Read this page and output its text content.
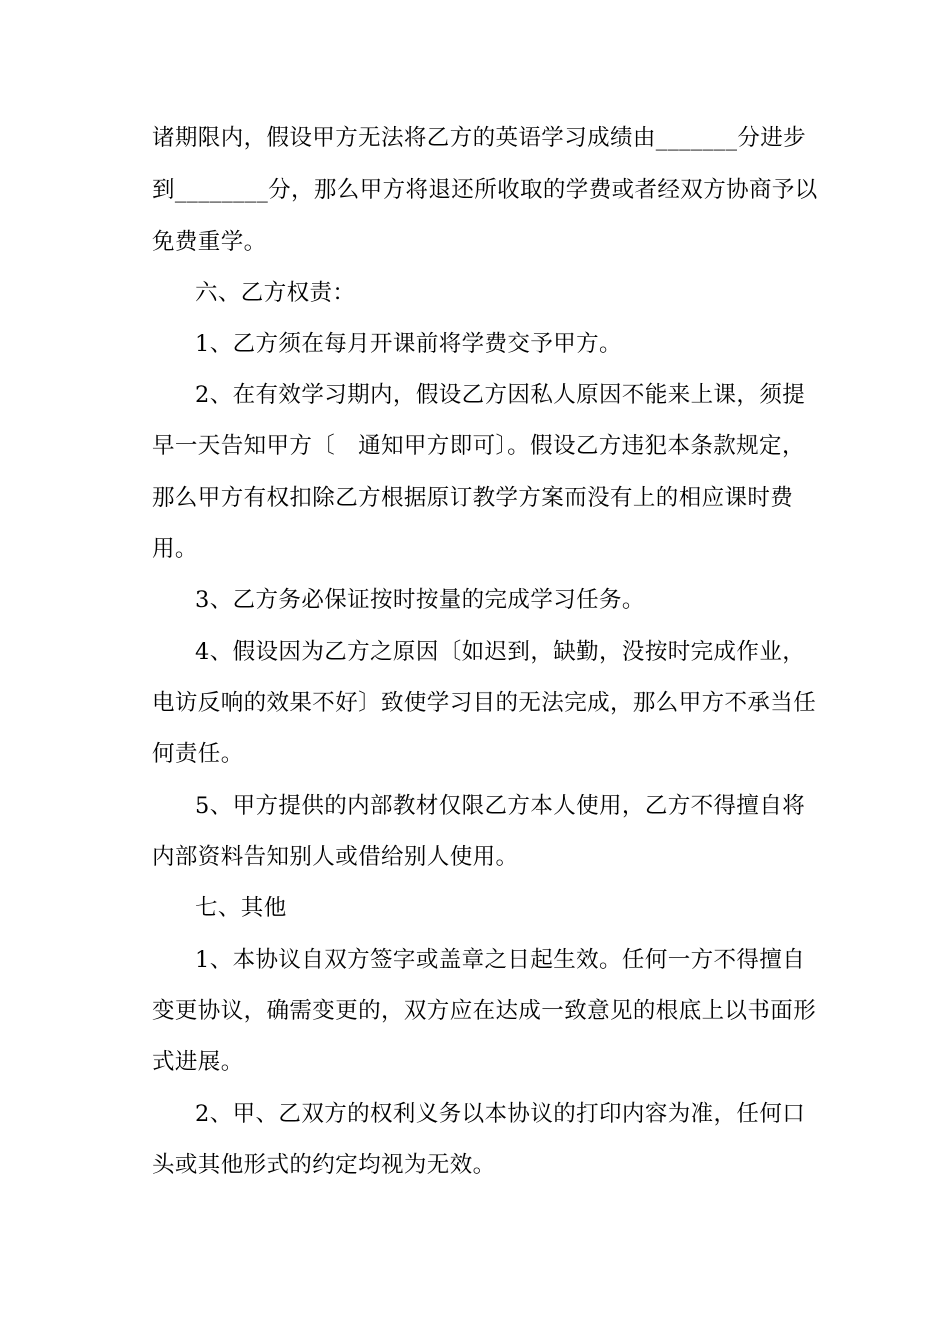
诸期限内，假设甲方无法将乙方的英语学习成绩由_______分进步
到________分，那么甲方将退还所收取的学费或者经双方协商予以
免费重学。
六、乙方权责：
1、乙方须在每月开课前将学费交予甲方。
2、在有效学习期内，假设乙方因私人原因不能来上课，须提
早一天告知甲方〔　通知甲方即可〕。假设乙方违犯本条款规定，
那么甲方有权扣除乙方根据原订教学方案而没有上的相应课时费
用。
3、乙方务必保证按时按量的完成学习任务。
4、假设因为乙方之原因〔如迟到，缺勤，没按时完成作业，
电访反响的效果不好〕致使学习目的无法完成，那么甲方不承当任
何责任。
5、甲方提供的内部教材仅限乙方本人使用，乙方不得擅自将
内部资料告知别人或借给别人使用。
七、其他
1、本协议自双方签字或盖章之日起生效。任何一方不得擅自
变更协议，确需变更的，双方应在达成一致意见的根底上以书面形
式进展。
2、甲、乙双方的权利义务以本协议的打印内容为准，任何口
头或其他形式的约定均视为无效。
